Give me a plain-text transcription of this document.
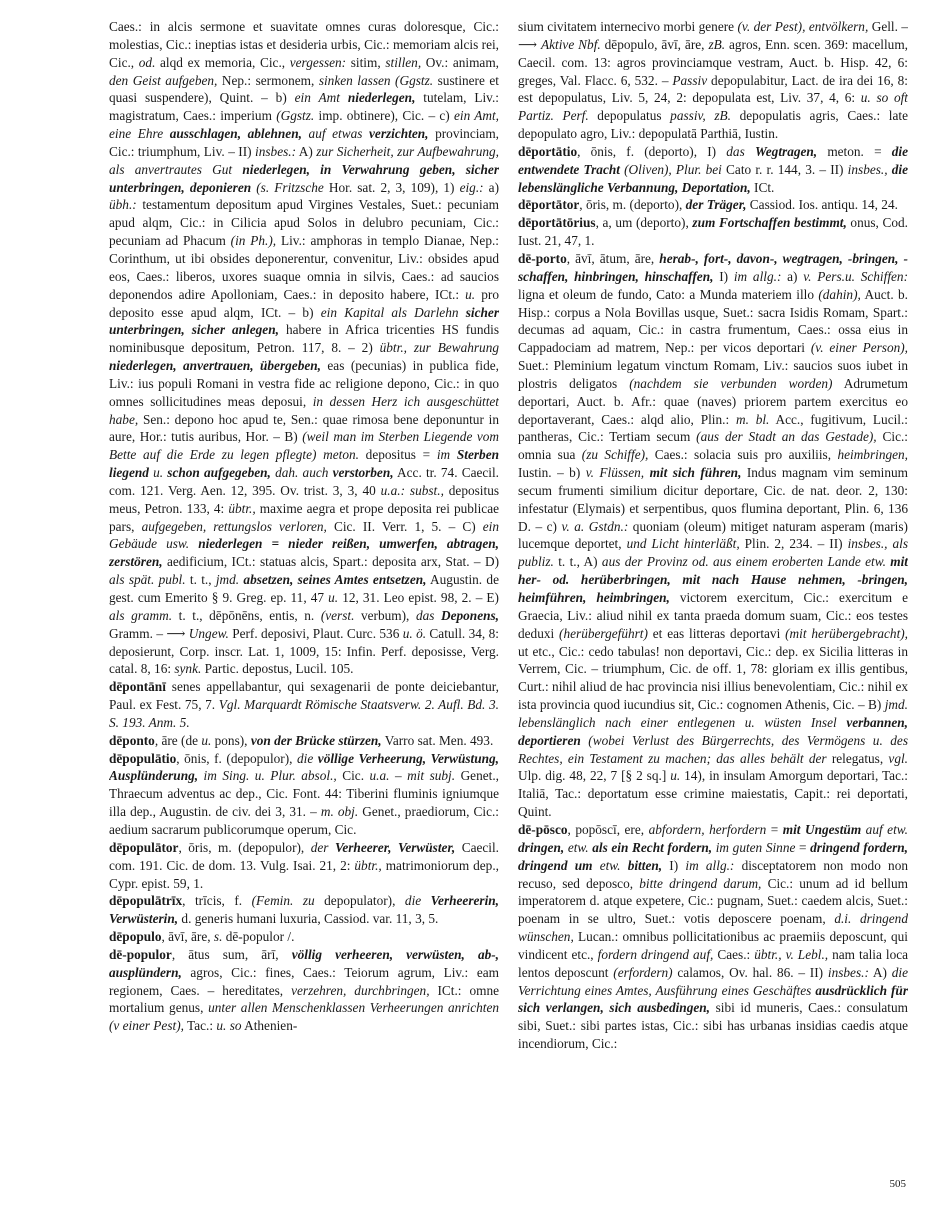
Caes.: in alcis sermone et suavitate omnes curas doloresque, Cic.: molestias, Cic.: ineptias istas et desideria urbis, Cic.: memoriam alcis rei, Cic., od. alqd ex memoria, Cic., vergessen: sitim, stillen, Ov.: animam, den Geist aufgeben, Nep.: sermonem, sinken lassen (Ggstz. sustinere et quasi suspendere), Quint. – b) ein Amt niederlegen, tutelam, Liv.: magistratum, Caes.: imperium (Ggstz. imp. obtinere), Cic. – c) ein Amt, eine Ehre ausschlagen, ablehnen, auf etwas verzichten, provinciam, Cic.: triumphum, Liv. – II) insbes.: A) zur Sicherheit, zur Aufbewahrung, als anvertrautes Gut niederlegen, in Verwahrung geben, sicher unterbringen, deponieren (s. Fritzsche Hor. sat. 2, 3, 109), 1) eig.: a) übh.: testamentum depositum apud Virgines Vestales, Suet.: pecuniam apud alqm, Cic.: in Cilicia apud Solos in delubro pecuniam, Cic.: pecuniam ad Phacum (in Ph.), Liv.: amphoras in templo Dianae, Nep.: Corinthum, ut ibi obsides deponerentur, convenitur, Liv.: obsides apud eos, Caes.: liberos, uxores suaque omnia in silvis, Caes.: ad saucios deponendos adire Apolloniam, Caes.: in deposito habere, ICt.: u. pro deposito esse apud alqm, ICt. – b) ein Kapital als Darlehn sicher unterbringen, sicher anlegen, habere in Africa tricenties HS fundis nominibusque depositum, Petron. 117, 8. – 2) übtr., zur Bewahrung niederlegen, anvertrauen, übergeben, eas (pecunias) in publica fide, Liv.: ius populi Romani in vestra fide ac religione depono, Cic.: in quo omnes sollicitudines meas deposui, in dessen Herz ich ausgeschüttet habe, Sen.: depono hoc apud te, Sen.: quae rimosa bene deponuntur in aure, Hor.: tutis auribus, Hor. – B) (weil man im Sterben Liegende vom Bette auf die Erde zu legen pflegte) meton. depositus = im Sterben liegend u. schon aufgegeben, dah. auch verstorben, Acc. tr. 74. Caecil. com. 121. Verg. Aen. 12, 395. Ov. trist. 3, 3, 40 u.a.: subst., depositus meus, Petron. 133, 4: übtr., maxime aegra et prope deposita rei publicae pars, aufgegeben, rettungslos verloren, Cic. II. Verr. 1, 5. – C) ein Gebäude usw. niederlegen = nieder reißen, umwerfen, abtragen, zerstören, aedificium, ICt.: statuas alcis, Spart.: deposita arx, Stat. – D) als spät. publ. t. t., jmd. absetzen, seines Amtes entsetzen, Augustin. de gest. cum Emerito § 9. Greg. ep. 11, 47 u. 12, 31. Leo epist. 98, 2. – E) als gramm. t. t., dēpōnēns, entis, n. (verst. verbum), das Deponens, Gramm. – ⟶ Ungew. Perf. deposivi, Plaut. Curc. 536 u. ö. Catull. 34, 8: deposierunt, Corp. inscr. Lat. 1, 1009, 15: Infin. Perf. deposisse, Verg. catal. 8, 16: synk. Partic. depostus, Lucil. 105.

dēpontānī senes appellabantur, qui sexagenarii de ponte deiciebantur, Paul. ex Fest. 75, 7. Vgl. Marquardt Römische Staatsverw. 2. Aufl. Bd. 3. S. 193. Anm. 5.

dēponto, āre (de u. pons), von der Brücke stürzen, Varro sat. Men. 493.

dēpopulātio, ōnis, f. (depopulor), die völlige Verheerung, Verwüstung, Ausplünderung, im Sing. u. Plur. absol., Cic. u.a. – mit subj. Genet., Thraecum adventus ac dep., Cic. Font. 44: Tiberini fluminis igniumque illa dep., Augustin. de civ. dei 3, 31. – m. obj. Genet., praediorum, Cic.: aedium sacrarum publicorumque operum, Cic.

dēpopulātor, ōris, m. (depopulor), der Verheerer, Verwüster, Caecil. com. 191. Cic. de dom. 13. Vulg. Isai. 21, 2: übtr., matrimoniorum dep., Cypr. epist. 59, 1.

dēpopulātrīx, trīcis, f. (Femin. zu depopulator), die Verheererin, Verwüsterin, d. generis humani luxuria, Cassiod. var. 11, 3, 5.

dēpopulo, āvī, āre, s. dē-populor /.

dē-populor, ātus sum, ārī, völlig verheeren, verwüsten, ab-, ausplündern, agros, Cic.: fines, Caes.: Teiorum agrum, Liv.: eam regionem, Caes. – hereditates, verzehren, durchbringen, ICt.: omne mortalium genus, unter allen Menschenklassen Verheerungen anrichten (v einer Pest), Tac.: u. so Athenien-

sium civitatem internecivo morbi genere (v. der Pest), entvölkern, Gell. – ⟶ Aktive Nbf. dēpopulo, āvī, āre, zB. agros, Enn. scen. 369: macellum, Caecil. com. 13: agros provinciamque vestram, Auct. b. Hisp. 42, 6: greges, Val. Flacc. 6, 532. – Passiv depopulabitur, Lact. de ira dei 16, 8: est depopulatus, Liv. 5, 24, 2: depopulata est, Liv. 37, 4, 6: u. so oft Partiz. Perf. depopulatus passiv, zB. depopulatis agris, Caes.: late depopulato agro, Liv.: depopulatā Parthiā, Iustin.

dēportātio, ōnis, f. (deporto), I) das Wegtragen, meton. = die entwendete Tracht (Oliven), Plur. bei Cato r. r. 144, 3. – II) insbes., die lebenslängliche Verbannung, Deportation, ICt.

dēportātor, ōris, m. (deporto), der Träger, Cassiod. Ios. antiqu. 14, 24.

dēportātōrius, a, um (deporto), zum Fortschaffen bestimmt, onus, Cod. Iust. 21, 47, 1.

dē-porto, āvī, ātum, āre, herab-, fort-, davon-, wegtragen, -bringen, -schaffen, hinbringen, hinschaffen, I) im allg.: a) v. Pers.u. Schiffen: ligna et oleum de fundo, Cato: a Munda materiem illo (dahin), Auct. b. Hisp.: corpus a Nola Bovillas usque, Suet.: sacra Isidis Romam, Spart.: decumas ad aquam, Cic.: in castra frumentum, Caes.: ossa eius in Cappadociam ad matrem, Nep.: per vicos deportari (v. einer Person), Suet.: Pleminium legatum vinctum Romam, Liv.: saucios suos iubet in plostris deligatos (nachdem sie verbunden worden) Adrumetum deportari, Auct. b. Afr.: quae (naves) priorem partem exercitus eo deportaverant, Caes.: alqd alio, Plin.: m. bl. Acc., fugitivum, Lucil.: pantheras, Cic.: Tertiam secum (aus der Stadt an das Gestade), Cic.: omnia sua (zu Schiffe), Caes.: solacia suis pro auxiliis, heimbringen, Iustin. – b) v. Flüssen, mit sich führen, Indus magnam vim seminum secum frumenti similium dicitur deportare, Cic. de nat. deor. 2, 130: infestatur (Elymais) et serpentibus, quos flumina deportant, Plin. 6, 136 D. – c) v. a. Gstdn.: quoniam (oleum) mitiget naturam asperam (maris) lucemque deportet, und Licht hinterläßt, Plin. 2, 234. – II) insbes., als publiz. t. t., A) aus der Provinz od. aus einem eroberten Lande etw. mit her- od. herüberbringen, mit nach Hause nehmen, -bringen, heimführen, heimbringen, victorem exercitum, Cic.: exercitum e Graecia, Liv.: aliud nihil ex tanta praeda domum suam, Cic.: eos testes deduxi (herübergeführt) et eas litteras deportavi (mit herübergebracht), ut etc., Cic.: cedo tabulas! non deportavi, Cic.: dep. ex Sicilia litteras in Verrem, Cic. – triumphum, Cic. de off. 1, 78: gloriam ex illis gentibus, Curt.: nihil aliud de hac provincia nisi illius benevolentiam, Cic.: nihil ex ista provincia quod iucundius sit, Cic.: cognomen Athenis, Cic. – B) jmd. lebenslänglich nach einer entlegenen u. wüsten Insel verbannen, deportieren (wobei Verlust des Bürgerrechts, des Vermögens u. des Rechtes, ein Testament zu machen; das alles behält der relegatus, vgl. Ulp. dig. 48, 22, 7 [§ 2 sq.] u. 14), in insulam Amorgum deportari, Tac.: Italiā, Tac.: deportatum esse crimine maiestatis, Capit.: rei deportati, Quint.

dē-pōsco, popōscī, ere, abfordern, herfordern = mit Ungestüm auf etw. dringen, etw. als ein Recht fordern, im guten Sinne = dringend fordern, dringend um etw. bitten, I) im allg.: disceptatorem non modo non recuso, sed deposco, bitte dringend darum, Cic.: unum ad id bellum imperatorem d. atque expetere, Cic.: pugnam, Suet.: caedem alcis, Suet.: poenam in se ultro, Suet.: votis deposcere poenam, d.i. dringend wünschen, Lucan.: omnibus pollicitationibus ac praemiis deposcunt, qui vindicent etc., fordern dringend auf, Caes.: übtr., v. Lebl., nam talia loca lentos deposcunt (erfordern) calamos, Ov. hal. 86. – II) insbes.: A) die Verrichtung eines Amtes, Ausführung eines Geschäftes ausdrücklich für sich verlangen, sich ausbedingen, sibi id muneris, Caes.: consulatum sibi, Suet.: sibi partes istas, Cic.: sibi has urbanas insidias caedis atque incendiorum, Cic.:

505
